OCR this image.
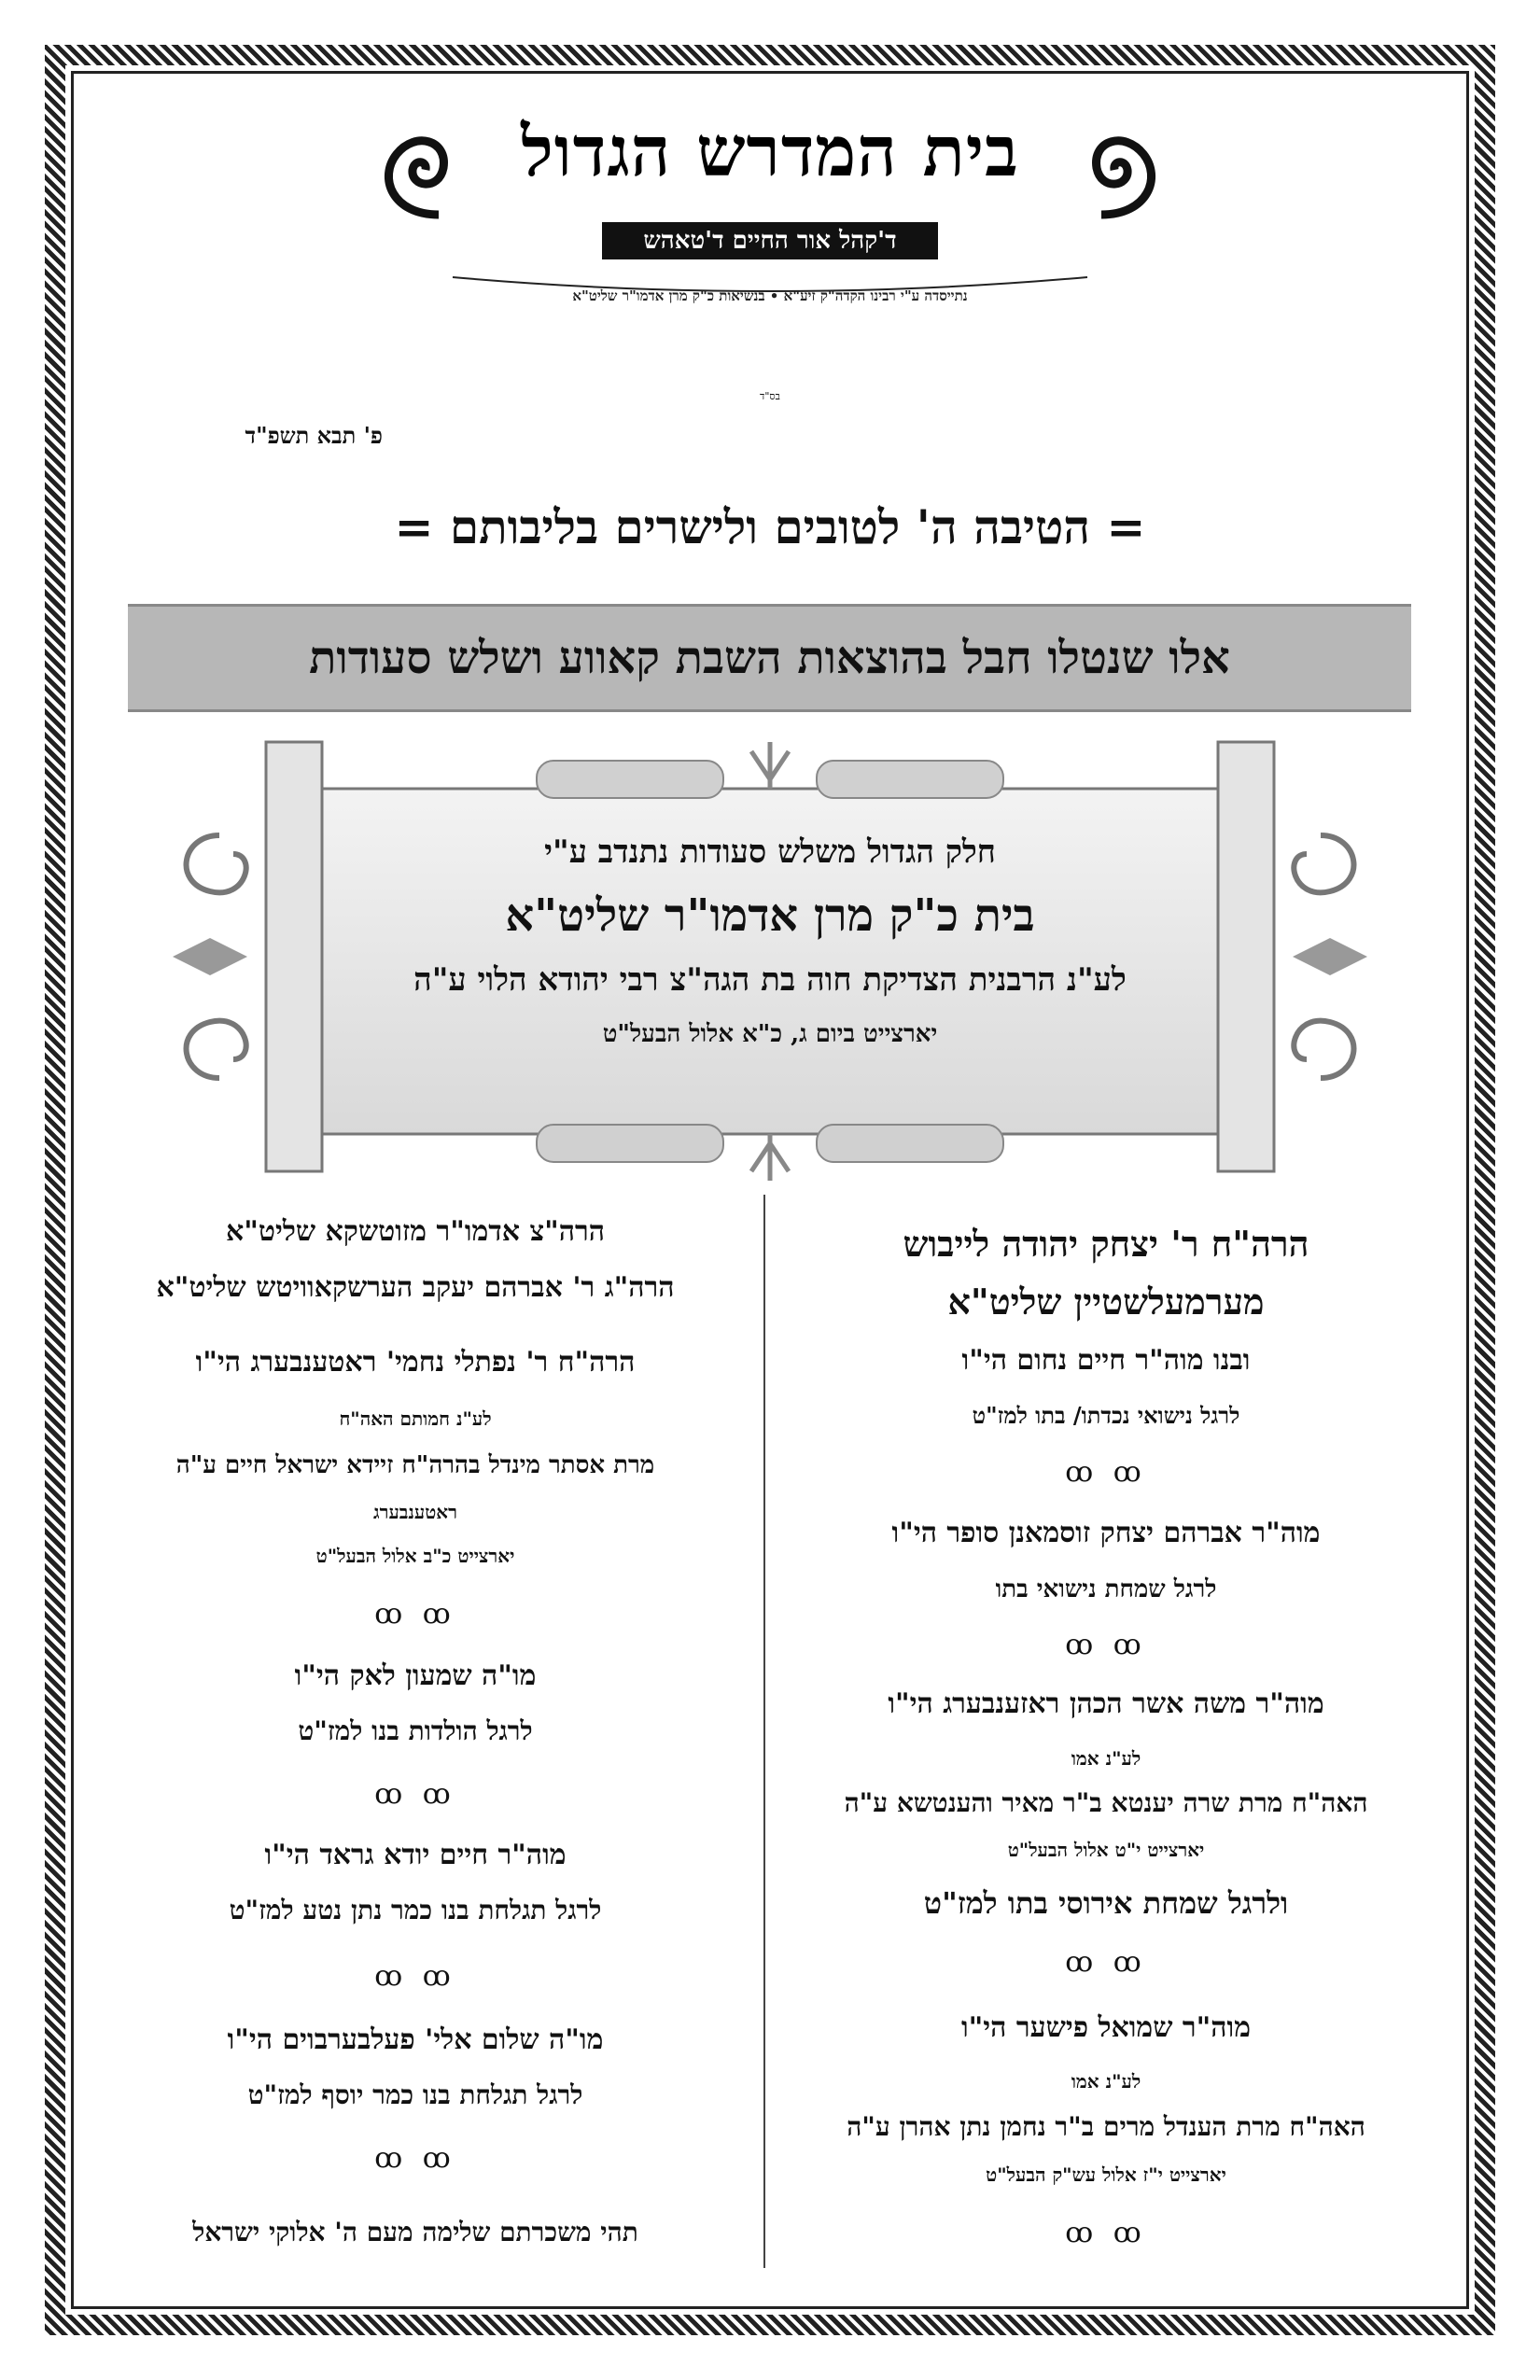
בית המדרש הגדול
ד'קהל אור החיים ד'טאהש
נתייסדה ע"י רבינו הקדה"ק זיע"א • בנשיאות כ"ק מרן אדמו"ר שליט"א
בס"ד
פ' תבא תשפ"ד
= הטיבה ה' לטובים ולישרים בליבותם =
אלו שנטלו חבל בהוצאות השבת קאווע ושלש סעודות
חלק הגדול משלש סעודות נתנדב ע"י
בית כ"ק מרן אדמו"ר שליט"א
לע"נ הרבנית הצדיקת חוה בת הגה"צ רבי יהודא הלוי ע"ה
יארצייט ביום ג, כ"א אלול הבעל"ט
הרה"ח ר' יצחק יהודה לייבוש
מערמעלשטיין שליט"א
ובנו מוה"ר חיים נחום הי"ו
לרגל נישואי נכדתו/ בתו למז"ט
ꝏ ꝏ
מוה"ר אברהם יצחק זוסמאנן סופר הי"ו
לרגל שמחת נישואי בתו
ꝏ ꝏ
מוה"ר משה אשר הכהן ראזענבערג הי"ו
לע"נ אמו
האה"ח מרת שרה יענטא ב"ר מאיר והענטשא ע"ה
יארצייט י"ט אלול הבעל"ט
ולרגל שמחת אירוסי בתו למז"ט
ꝏ ꝏ
מוה"ר שמואל פישער הי"ו
לע"נ אמו
האה"ח מרת הענדל מרים ב"ר נחמן נתן אהרן ע"ה
יארצייט י"ז אלול עש"ק הבעל"ט
ꝏ ꝏ
הרה"צ אדמו"ר מזוטשקא שליט"א
הרה"ג ר' אברהם יעקב הערשקאוויטש שליט"א
הרה"ח ר' נפתלי נחמי' ראטענבערג הי"ו
לע"נ חמותם האה"ח
מרת אסתר מינדל בהרה"ח זיידא ישראל חיים ע"ה
ראטענבערג
יארצייט כ"ב אלול הבעל"ט
ꝏ ꝏ
מו"ה שמעון לאק הי"ו
לרגל הולדות בנו למז"ט
ꝏ ꝏ
מוה"ר חיים יודא גראד הי"ו
לרגל תגלחת בנו כמר נתן נטע למז"ט
ꝏ ꝏ
מו"ה שלום אלי' פעלבערבוים הי"ו
לרגל תגלחת בנו כמר יוסף למז"ט
ꝏ ꝏ
תהי משכרתם שלימה מעם ה' אלוקי ישראל
